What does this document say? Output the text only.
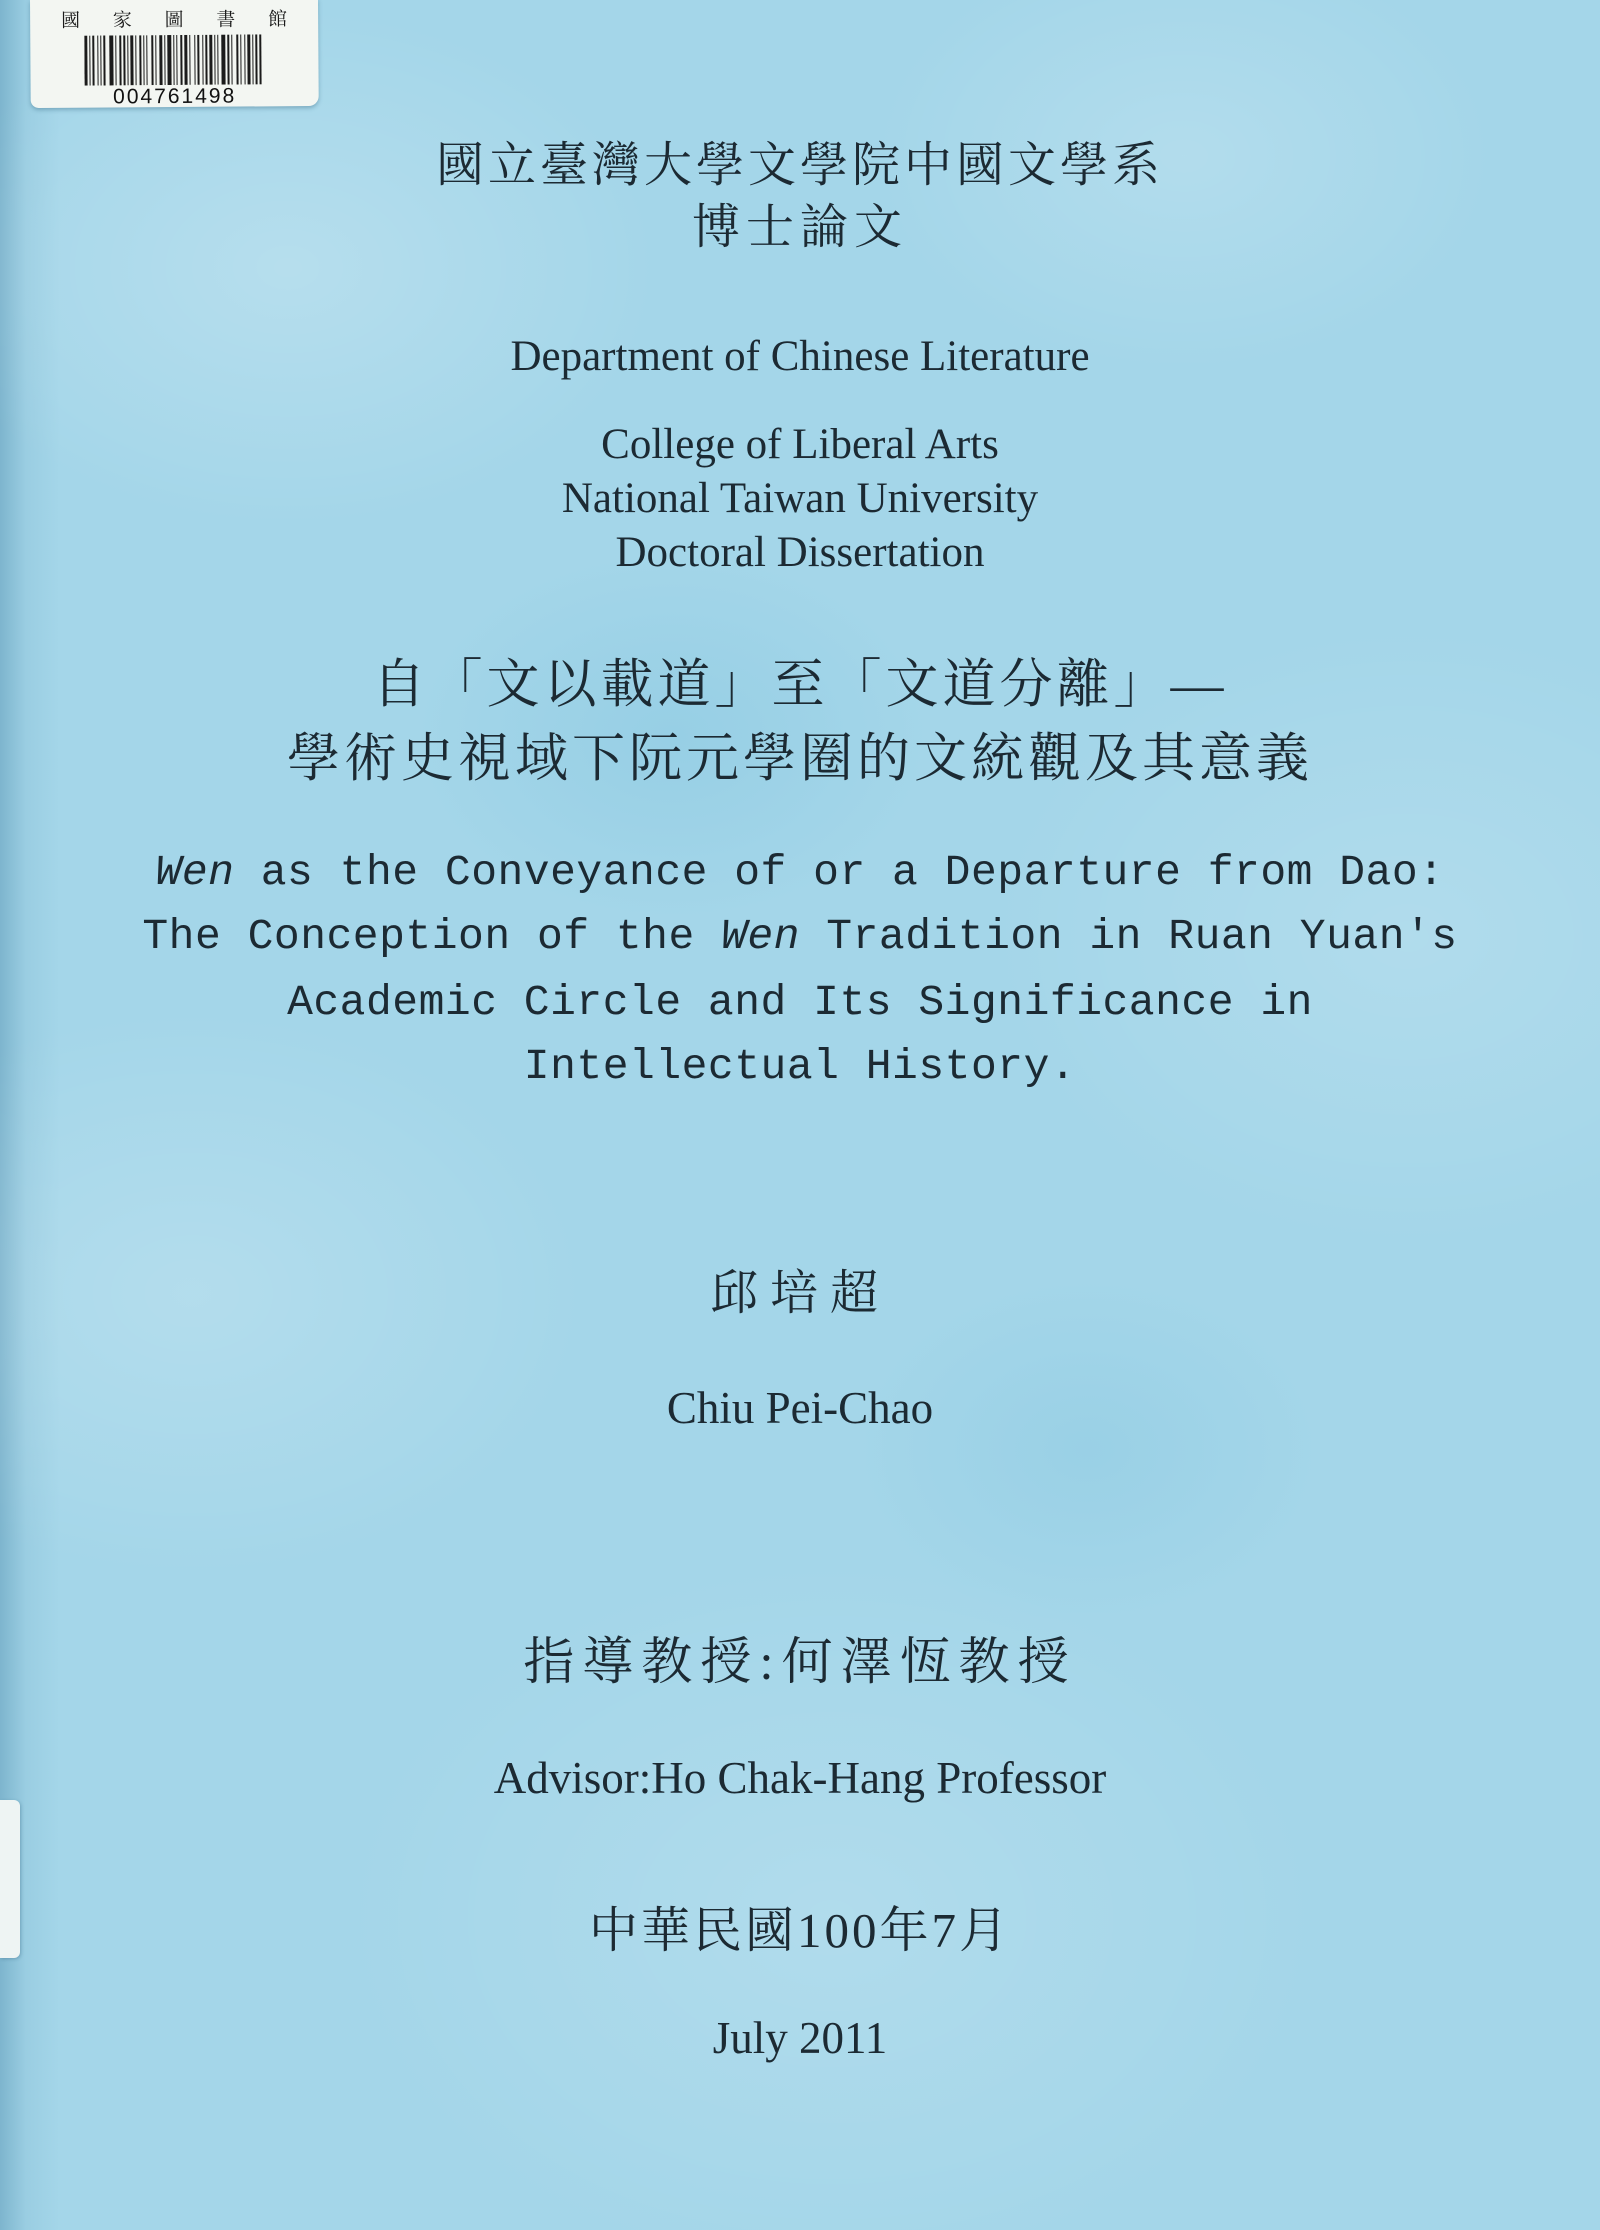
國 家 圖 書 館
004761498
國立臺灣大學文學院中國文學系
博士論文
Department of Chinese Literature
College of Liberal Arts
National Taiwan University
Doctoral Dissertation
自「文以載道」至「文道分離」—
學術史視域下阮元學圈的文統觀及其意義
Wen as the Conveyance of or a Departure from Dao:
The Conception of the Wen Tradition in Ruan Yuan's
Academic Circle and Its Significance in
Intellectual History.
邱培超
Chiu Pei-Chao
指導教授:何澤恆教授
Advisor:Ho Chak-Hang Professor
中華民國100年7月
July 2011
